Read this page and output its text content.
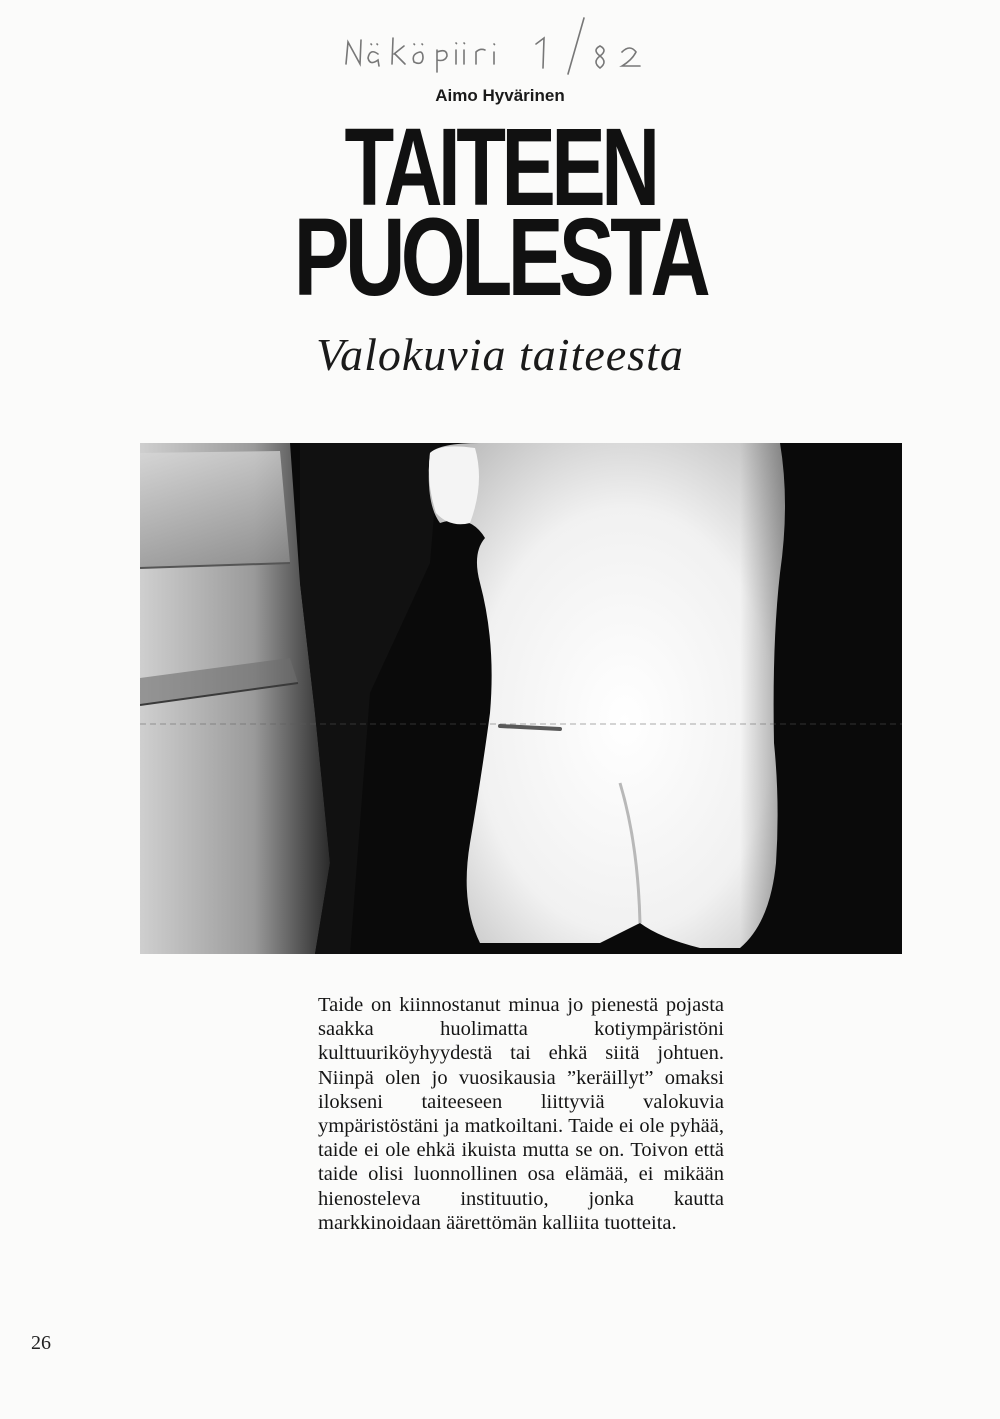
Aimo Hyvärinen
TAITEEN
PUOLESTA
Valokuvia taiteesta
Taide on kiinnostanut minua jo pienestä pojasta saakka huolimatta kotiympäristöni kulttuuriköyhyydestä tai ehkä siitä johtuen. Niinpä olen jo vuosikausia ”keräillyt” omaksi ilokseni taiteeseen liittyviä valokuvia ympäristöstäni ja matkoiltani. Taide ei ole pyhää, taide ei ole ehkä ikuista mutta se on. Toivon että taide olisi luonnollinen osa elämää, ei mikään hienosteleva instituutio, jonka kautta markkinoidaan äärettömän kalliita tuotteita.
26
